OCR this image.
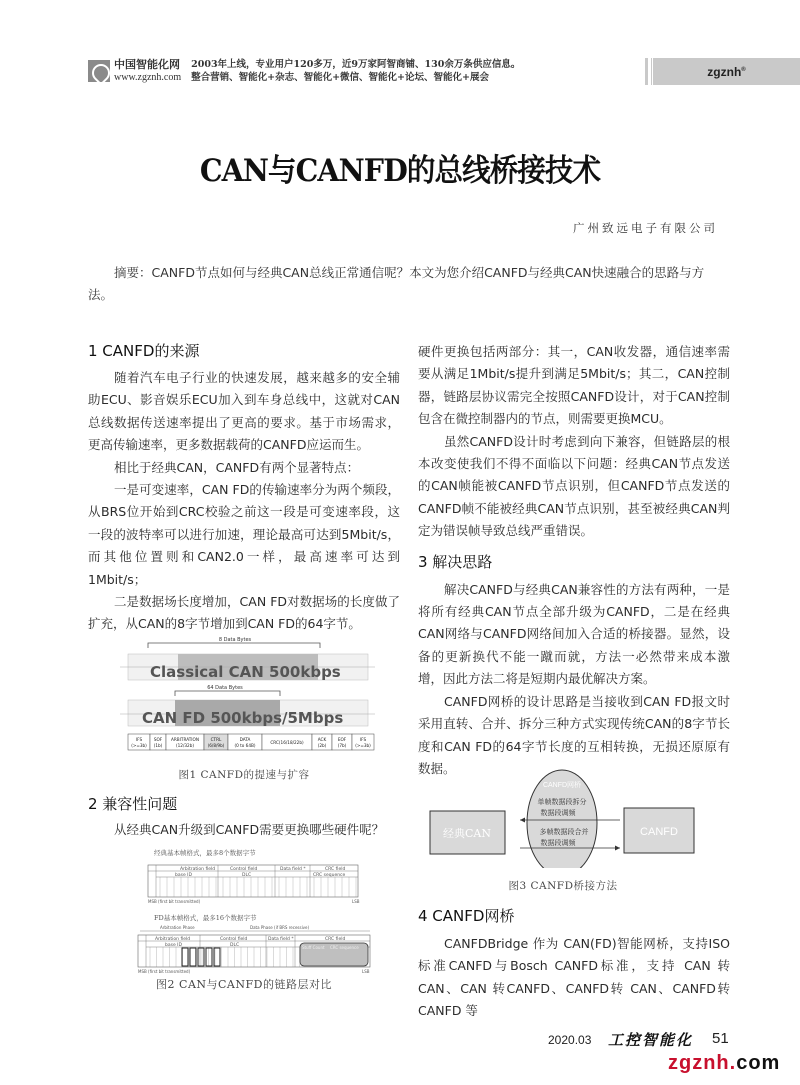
中国智能化网
www.zgznh.com
2003年上线，专业用户120多万，近9万家阿智商铺、130余万条供应信息。
整合营销、智能化+杂志、智能化+微信、智能化+论坛、智能化+展会	zgznh®
CAN与CANFD的总线桥接技术
广州致远电子有限公司
摘要：CANFD节点如何与经典CAN总线正常通信呢？本文为您介绍CANFD与经典CAN快速融合的思路与方法。
1 CANFD的来源

随着汽车电子行业的快速发展，越来越多的安全辅助ECU、影音娱乐ECU加入到车身总线中，这就对CAN总线数据传送速率提出了更高的要求。基于市场需求，更高传输速率，更多数据载荷的CANFD应运而生。

相比于经典CAN，CANFD有两个显著特点：

一是可变速率，CAN FD的传输速率分为两个频段，从BRS位开始到CRC校验之前这一段是可变速率段，这一段的波特率可以进行加速，理论最高可达到5Mbit/s，而其他位置则和CAN2.0一样，最高速率可达到1Mbit/s；

二是数据场长度增加，CAN FD对数据场的长度做了扩充，从CAN的8字节增加到CAN FD的64字节。

Classical CAN 500kbps
8 Data Bytes
CAN FD 500kbps/5Mbps
64 Data Bytes
IFS
(>=3b)
SOF
(1b)
ARBITRATION
(12/32b)
CTRL
(6/8/9b)
DATA
(0 to 64B)
CRC(16/18/22b)
ACK
(2b)
EOF
(7b)
IFS
(>=3b)
图1 CANFD的提速与扩容
2 兼容性问题

从经典CAN升级到CANFD需要更换哪些硬件呢？

经典基本帧格式，最多8个数据字节
Arbitration field	Control field	Data field *	CRC field
base ID	DLC	CRC sequence
MSB (first bit transmitted)	LSB
FD基本帧格式，最多16个数据字节
Arbitration Phase	Data Phase (if BRS recessive)
Arbitration field	Control field	Data field *	CRC field
base ID	DLC	Stuff Count CRC sequence
MSB (first bit transmitted)	LSB
图2 CAN与CANFD的链路层对比

硬件更换包括两部分：其一，CAN收发器，通信速率需要从满足1Mbit/s提升到满足5Mbit/s；其二，CAN控制器，链路层协议需完全按照CANFD设计，对于CAN控制包含在微控制器内的节点，则需要更换MCU。

虽然CANFD设计时考虑到向下兼容，但链路层的根本改变使我们不得不面临以下问题：经典CAN节点发送的CAN帧能被CANFD节点识别，但CANFD节点发送的CANFD帧不能被经典CAN节点识别，甚至被经典CAN判定为错误帧导致总线严重错误。

3 解决思路

解决CANFD与经典CAN兼容性的方法有两种，一是将所有经典CAN节点全部升级为CANFD，二是在经典CAN网络与CANFD网络间加入合适的桥接器。显然，设备的更新换代不能一蹴而就，方法一必然带来成本激增，因此方法二将是短期内最优解决方案。

CANFD网桥的设计思路是当接收到CAN FD报文时采用直转、合并、拆分三种方式实现传统CAN的8字节长度和CAN FD的64字节长度的互相转换，无损还原原有数据。

经典CAN	CANFD
CANFD网桥
单帧数据段拆分
数据段调频
多帧数据段合并
数据段调频
图3 CANFD桥接方法
4 CANFD网桥

CANFDBridge 作为 CAN(FD)智能网桥，支持ISO标准CANFD与Bosch CANFD标准，支持 CAN 转 CAN、CAN 转CANFD、CANFD转 CAN、CANFD转CANFD 等

2020.03 工控智能化 51
zgznh.com
